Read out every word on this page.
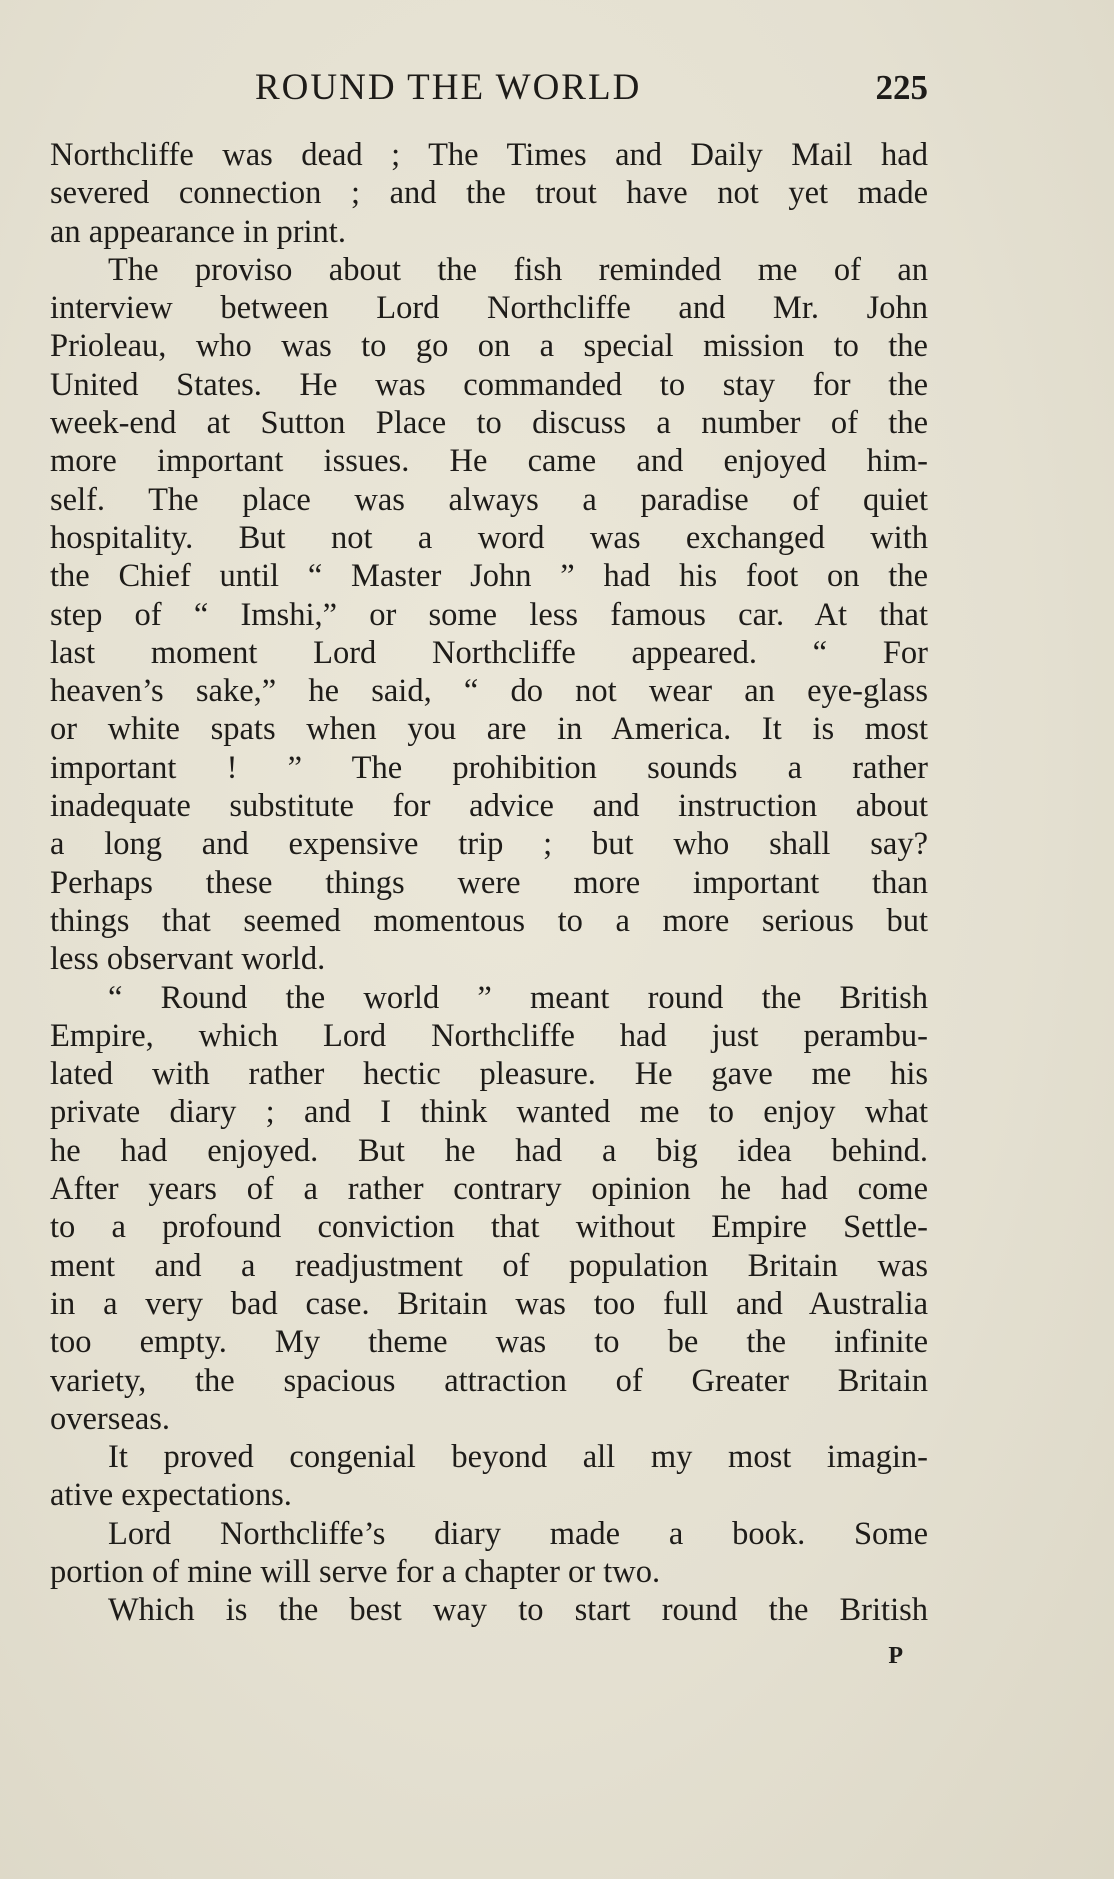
ROUND THE WORLD	225
Northcliffe was dead ; The Times and Daily Mail had
severed connection ; and the trout have not yet made
an appearance in print.
The proviso about the fish reminded me of an
interview between Lord Northcliffe and Mr. John
Prioleau, who was to go on a special mission to the
United States. He was commanded to stay for the
week-end at Sutton Place to discuss a number of the
more important issues. He came and enjoyed him-
self. The place was always a paradise of quiet
hospitality. But not a word was exchanged with
the Chief until “ Master John ” had his foot on the
step of “ Imshi,” or some less famous car. At that
last moment Lord Northcliffe appeared. “ For
heaven’s sake,” he said, “ do not wear an eye-glass
or white spats when you are in America. It is most
important ! ” The prohibition sounds a rather
inadequate substitute for advice and instruction about
a long and expensive trip ; but who shall say?
Perhaps these things were more important than
things that seemed momentous to a more serious but
less observant world.
“ Round the world ” meant round the British
Empire, which Lord Northcliffe had just perambu-
lated with rather hectic pleasure. He gave me his
private diary ; and I think wanted me to enjoy what
he had enjoyed. But he had a big idea behind.
After years of a rather contrary opinion he had come
to a profound conviction that without Empire Settle-
ment and a readjustment of population Britain was
in a very bad case. Britain was too full and Australia
too empty. My theme was to be the infinite
variety, the spacious attraction of Greater Britain
overseas.
It proved congenial beyond all my most imagin-
ative expectations.
Lord Northcliffe’s diary made a book. Some
portion of mine will serve for a chapter or two.
Which is the best way to start round the British
P
